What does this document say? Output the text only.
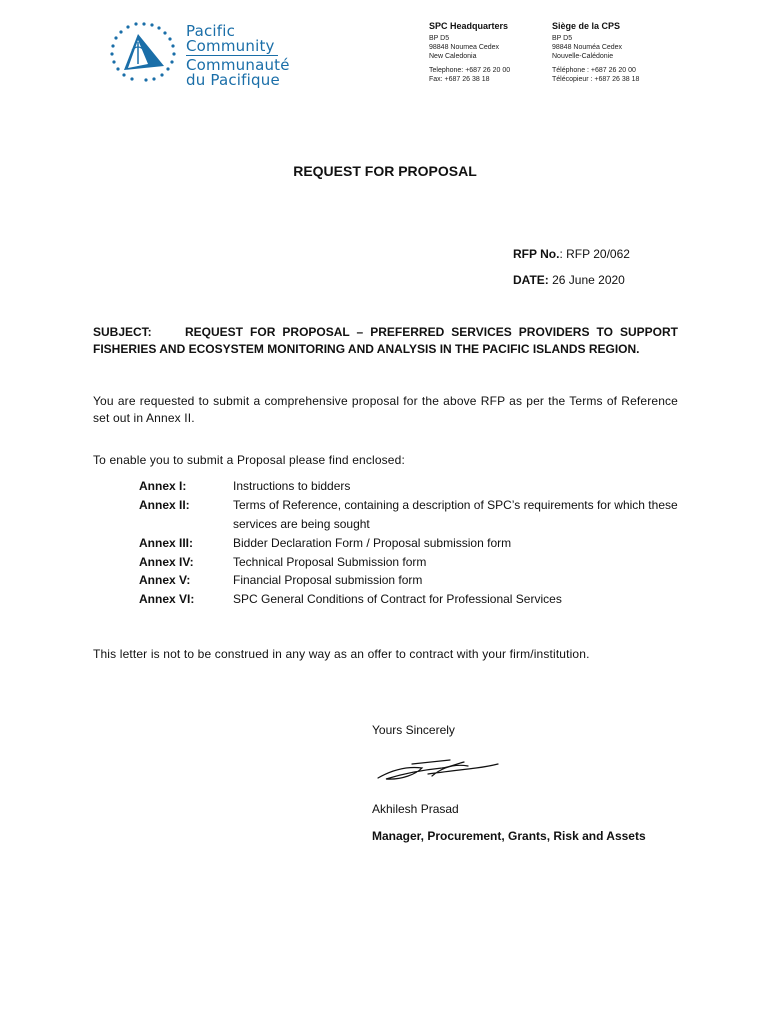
Pacific
Community
Communauté
du Pacifique
SPC Headquarters
BP D5
98848 Noumea Cedex
New Caledonia
Telephone: +687 26 20 00
Fax: +687 26 38 18
Siège de la CPS
BP D5
98848 Nouméa Cedex
Nouvelle-Calédonie
Téléphone : +687 26 20 00
Télécopieur : +687 26 38 18
REQUEST FOR PROPOSAL
RFP No.: RFP 20/062
DATE: 26 June 2020
SUBJECT:	REQUEST FOR PROPOSAL – PREFERRED SERVICES PROVIDERS TO SUPPORT FISHERIES AND ECOSYSTEM MONITORING AND ANALYSIS IN THE PACIFIC ISLANDS REGION.
You are requested to submit a comprehensive proposal for the above RFP as per the Terms of Reference set out in Annex II.
To enable you to submit a Proposal please find enclosed:
Annex I:	Instructions to bidders
Annex II:	Terms of Reference, containing a description of SPC’s requirements for which these services are being sought
Annex III:	Bidder Declaration Form / Proposal submission form
Annex IV:	Technical Proposal Submission form
Annex V:	Financial Proposal submission form
Annex VI:	SPC General Conditions of Contract for Professional Services
This letter is not to be construed in any way as an offer to contract with your firm/institution.
Yours Sincerely
Akhilesh Prasad
Manager, Procurement, Grants, Risk and Assets
